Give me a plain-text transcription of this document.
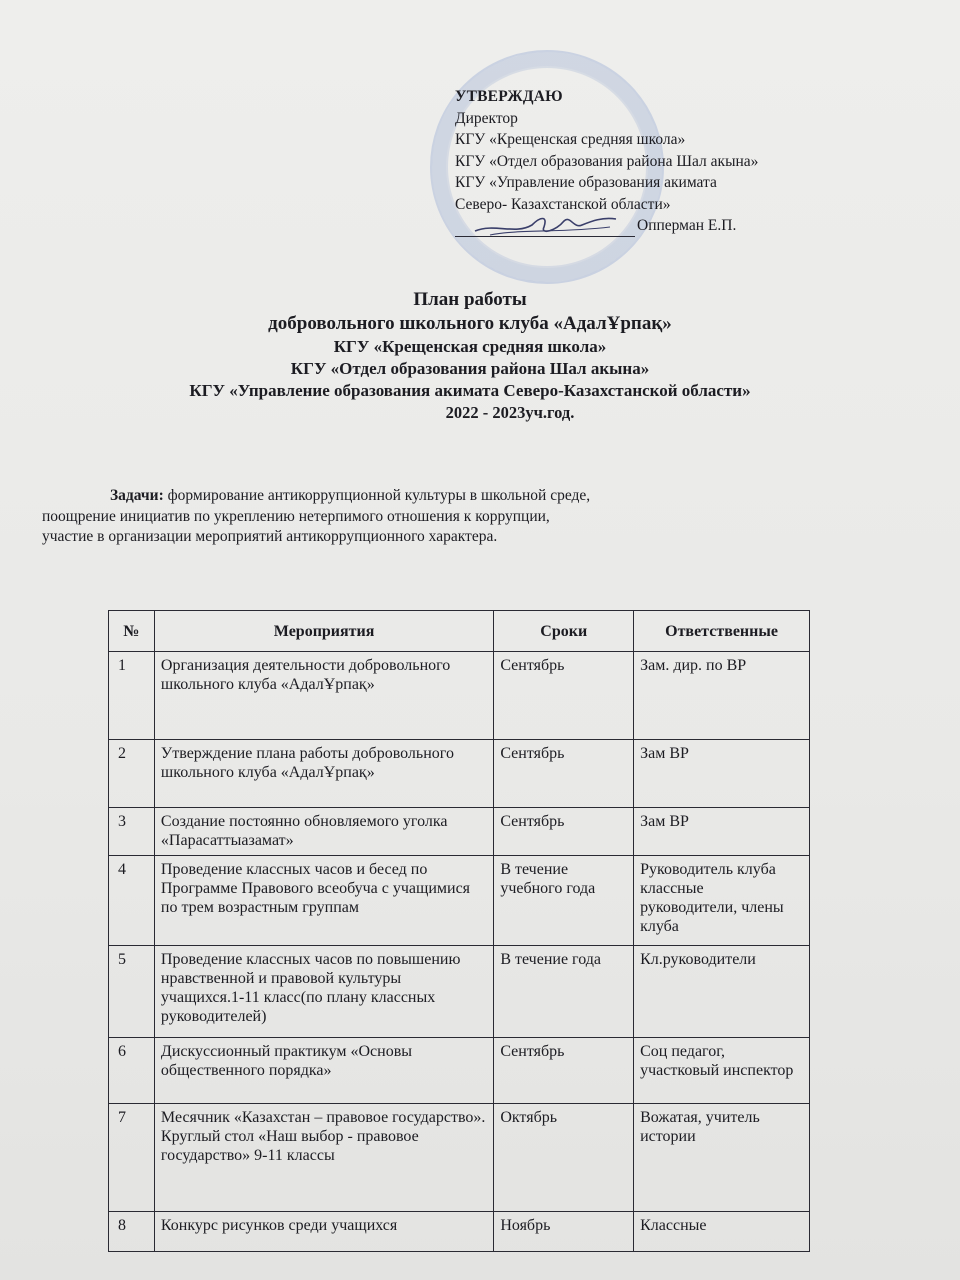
УТВЕРЖДАЮ
Директор
КГУ «Крещенская средняя школа»
КГУ «Отдел образования района Шал акына»
КГУ «Управление образования акимата
Северо- Казахстанской области»
Опперман Е.П.
План работы
добровольного школьного клуба «АдалҰрпақ»
КГУ «Крещенская средняя школа»
КГУ «Отдел образования района Шал акына»
КГУ «Управление образования акимата Северо-Казахстанской области»
2022 - 2023уч.год.
Задачи: формирование антикоррупционной культуры в школьной среде,
поощрение инициатив по укреплению нетерпимого отношения к коррупции,
участие в организации мероприятий антикоррупционного характера.
№	Мероприятия	Сроки	Ответственные
1	Организация деятельности добровольного школьного клуба «АдалҰрпақ»	Сентябрь	Зам. дир. по ВР
2	Утверждение плана работы добровольного школьного клуба «АдалҰрпақ»	Сентябрь	Зам ВР
3	Создание постоянно обновляемого уголка «Парасаттыазамат»	Сентябрь	Зам ВР
4	Проведение классных часов и бесед по Программе Правового всеобуча с учащимися по трем возрастным группам	В течение учебного года	Руководитель клуба классные руководители, члены клуба
5	Проведение классных часов по повышению нравственной и правовой культуры учащихся.1-11 класс(по плану классных руководителей)	В течение года	Кл.руководители
6	Дискуссионный практикум «Основы общественного порядка»	Сентябрь	Соц педагог, участковый инспектор
7	Месячник «Казахстан – правовое государство». Круглый стол «Наш выбор - правовое государство» 9-11 классы	Октябрь	Вожатая, учитель истории
8	Конкурс рисунков среди учащихся	Ноябрь	Классные
